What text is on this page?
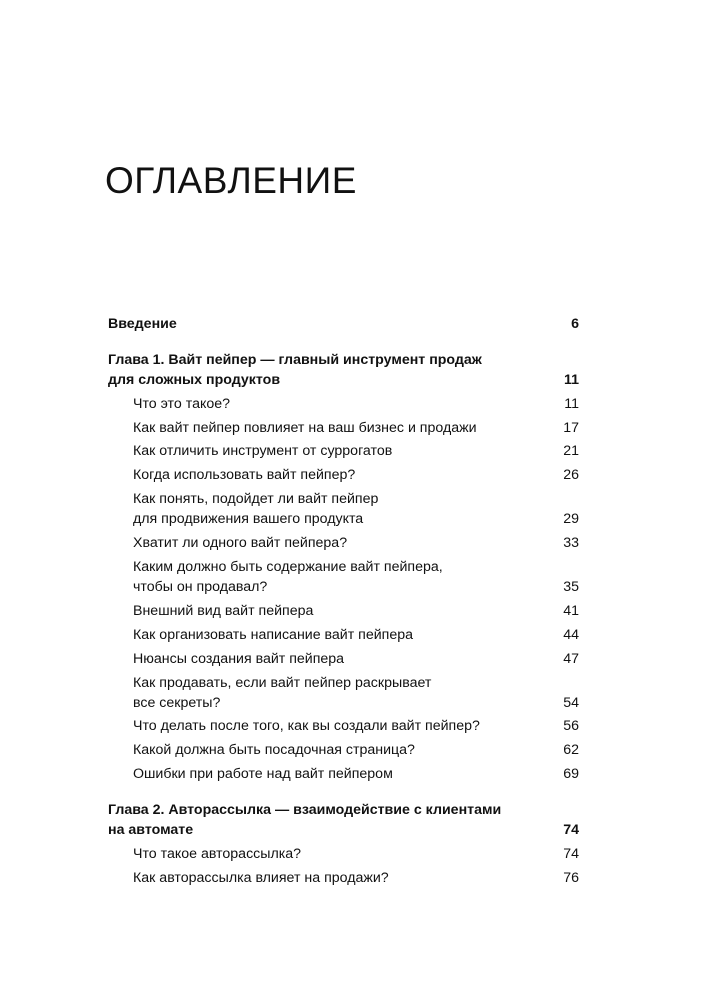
ОГЛАВЛЕНИЕ
Введение	6
Глава 1. Вайт пейпер — главный инструмент продаж
для сложных продуктов	11
Что это такое?	11
Как вайт пейпер повлияет на ваш бизнес и продажи	17
Как отличить инструмент от суррогатов	21
Когда использовать вайт пейпер?	26
Как понять, подойдет ли вайт пейпер
для продвижения вашего продукта	29
Хватит ли одного вайт пейпера?	33
Каким должно быть содержание вайт пейпера,
чтобы он продавал?	35
Внешний вид вайт пейпера	41
Как организовать написание вайт пейпера	44
Нюансы создания вайт пейпера	47
Как продавать, если вайт пейпер раскрывает
все секреты?	54
Что делать после того, как вы создали вайт пейпер?	56
Какой должна быть посадочная страница?	62
Ошибки при работе над вайт пейпером	69
Глава 2. Авторассылка — взаимодействие с клиентами
на автомате	74
Что такое авторассылка?	74
Как авторассылка влияет на продажи?	76
